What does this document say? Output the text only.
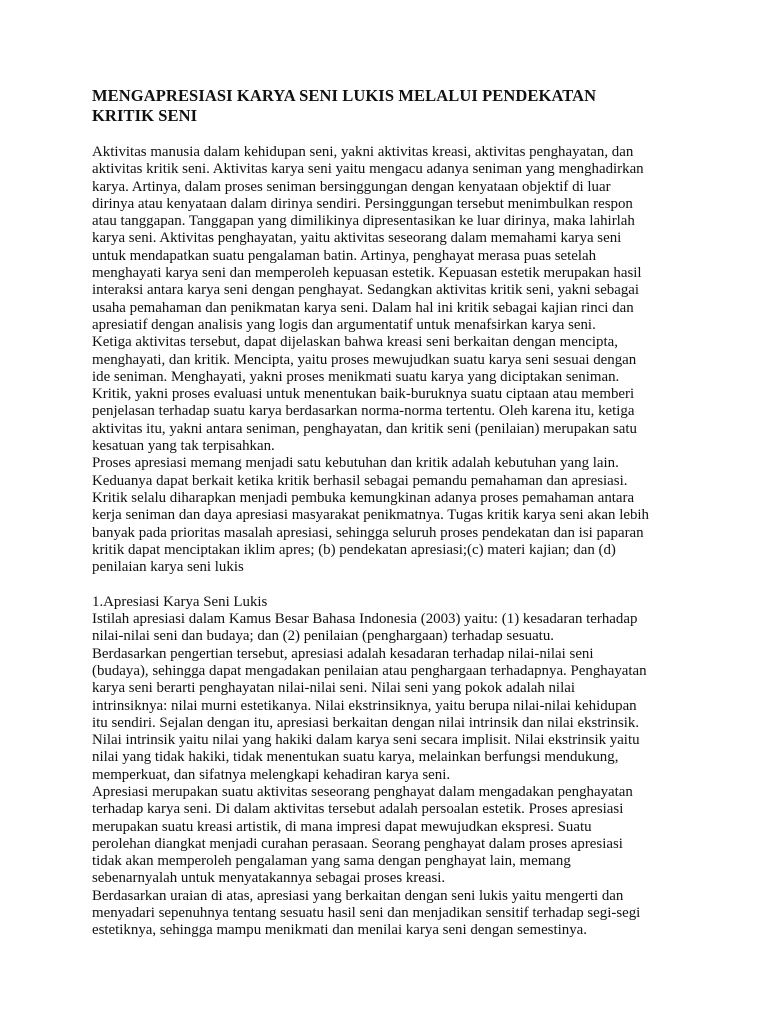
MENGAPRESIASI KARYA SENI LUKIS MELALUI PENDEKATAN
KRITIK SENI
Aktivitas manusia dalam kehidupan seni, yakni aktivitas kreasi, aktivitas penghayatan, dan
aktivitas kritik seni. Aktivitas karya seni yaitu mengacu adanya seniman yang menghadirkan
karya. Artinya, dalam proses seniman bersinggungan dengan kenyataan objektif di luar
dirinya atau kenyataan dalam dirinya sendiri. Persinggungan tersebut menimbulkan respon
atau tanggapan. Tanggapan yang dimilikinya dipresentasikan ke luar dirinya, maka lahirlah
karya seni. Aktivitas penghayatan, yaitu aktivitas seseorang dalam memahami karya seni
untuk mendapatkan suatu pengalaman batin. Artinya, penghayat merasa puas setelah
menghayati karya seni dan memperoleh kepuasan estetik. Kepuasan estetik merupakan hasil
interaksi antara karya seni dengan penghayat. Sedangkan aktivitas kritik seni, yakni sebagai
usaha pemahaman dan penikmatan karya seni. Dalam hal ini kritik sebagai kajian rinci dan
apresiatif dengan analisis yang logis dan argumentatif untuk menafsirkan karya seni.
Ketiga aktivitas tersebut, dapat dijelaskan bahwa kreasi seni berkaitan dengan mencipta,
menghayati, dan kritik. Mencipta, yaitu proses mewujudkan suatu karya seni sesuai dengan
ide seniman. Menghayati, yakni proses menikmati suatu karya yang diciptakan seniman.
Kritik, yakni proses evaluasi untuk menentukan baik-buruknya suatu ciptaan atau memberi
penjelasan terhadap suatu karya berdasarkan norma-norma tertentu. Oleh karena itu, ketiga
aktivitas itu, yakni antara seniman, penghayatan, dan kritik seni (penilaian) merupakan satu
kesatuan yang tak terpisahkan.
Proses apresiasi memang menjadi satu kebutuhan dan kritik adalah kebutuhan yang lain.
Keduanya dapat berkait ketika kritik berhasil sebagai pemandu pemahaman dan apresiasi.
Kritik selalu diharapkan menjadi pembuka kemungkinan adanya proses pemahaman antara
kerja seniman dan daya apresiasi masyarakat penikmatnya. Tugas kritik karya seni akan lebih
banyak pada prioritas masalah apresiasi, sehingga seluruh proses pendekatan dan isi paparan
kritik dapat menciptakan iklim apres; (b) pendekatan apresiasi;(c) materi kajian; dan (d)
penilaian karya seni lukis
1.Apresiasi Karya Seni Lukis
Istilah apresiasi dalam Kamus Besar Bahasa Indonesia (2003) yaitu: (1) kesadaran terhadap
nilai-nilai seni dan budaya; dan (2) penilaian (penghargaan) terhadap sesuatu.
Berdasarkan pengertian tersebut, apresiasi adalah kesadaran terhadap nilai-nilai seni
(budaya), sehingga dapat mengadakan penilaian atau penghargaan terhadapnya. Penghayatan
karya seni berarti penghayatan nilai-nilai seni. Nilai seni yang pokok adalah nilai
intrinsiknya: nilai murni estetikanya. Nilai ekstrinsiknya, yaitu berupa nilai-nilai kehidupan
itu sendiri. Sejalan dengan itu, apresiasi berkaitan dengan nilai intrinsik dan nilai ekstrinsik.
Nilai intrinsik yaitu nilai yang hakiki dalam karya seni secara implisit. Nilai ekstrinsik yaitu
nilai yang tidak hakiki, tidak menentukan suatu karya, melainkan berfungsi mendukung,
memperkuat, dan sifatnya melengkapi kehadiran karya seni.
Apresiasi merupakan suatu aktivitas seseorang penghayat dalam mengadakan penghayatan
terhadap karya seni. Di dalam aktivitas tersebut adalah persoalan estetik. Proses apresiasi
merupakan suatu kreasi artistik, di mana impresi dapat mewujudkan ekspresi. Suatu
perolehan diangkat menjadi curahan perasaan. Seorang penghayat dalam proses apresiasi
tidak akan memperoleh pengalaman yang sama dengan penghayat lain, memang
sebenarnyalah untuk menyatakannya sebagai proses kreasi.
Berdasarkan uraian di atas, apresiasi yang berkaitan dengan seni lukis yaitu mengerti dan
menyadari sepenuhnya tentang sesuatu hasil seni dan menjadikan sensitif terhadap segi-segi
estetiknya, sehingga mampu menikmati dan menilai karya seni dengan semestinya.
